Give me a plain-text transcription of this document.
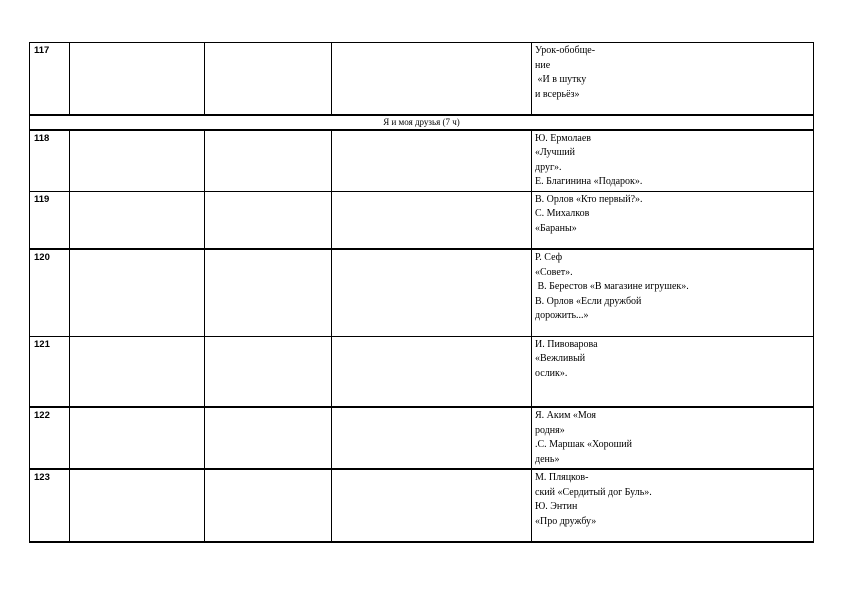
117				Урок-обобще-
ние
«И в шутку
и всерьёз»

Я и моя друзья (7 ч)				
118				Ю. Ермолаев
«Лучший
друг».
Е. Благинина «Подарок».

119				В. Орлов «Кто первый?».
С. Михалков
«Бараны»

120				Р. Сеф
«Совет».
В. Берестов «В магазине игрушек».
В. Орлов «Если дружбой
дорожить...»

121				И. Пивоварова
«Вежливый
ослик».

122				Я. Аким «Моя
родня»
.С. Маршак «Хороший
день»

123				М. Пляцков-
ский «Сердитый дог Буль».
Ю. Энтин
«Про дружбу»
